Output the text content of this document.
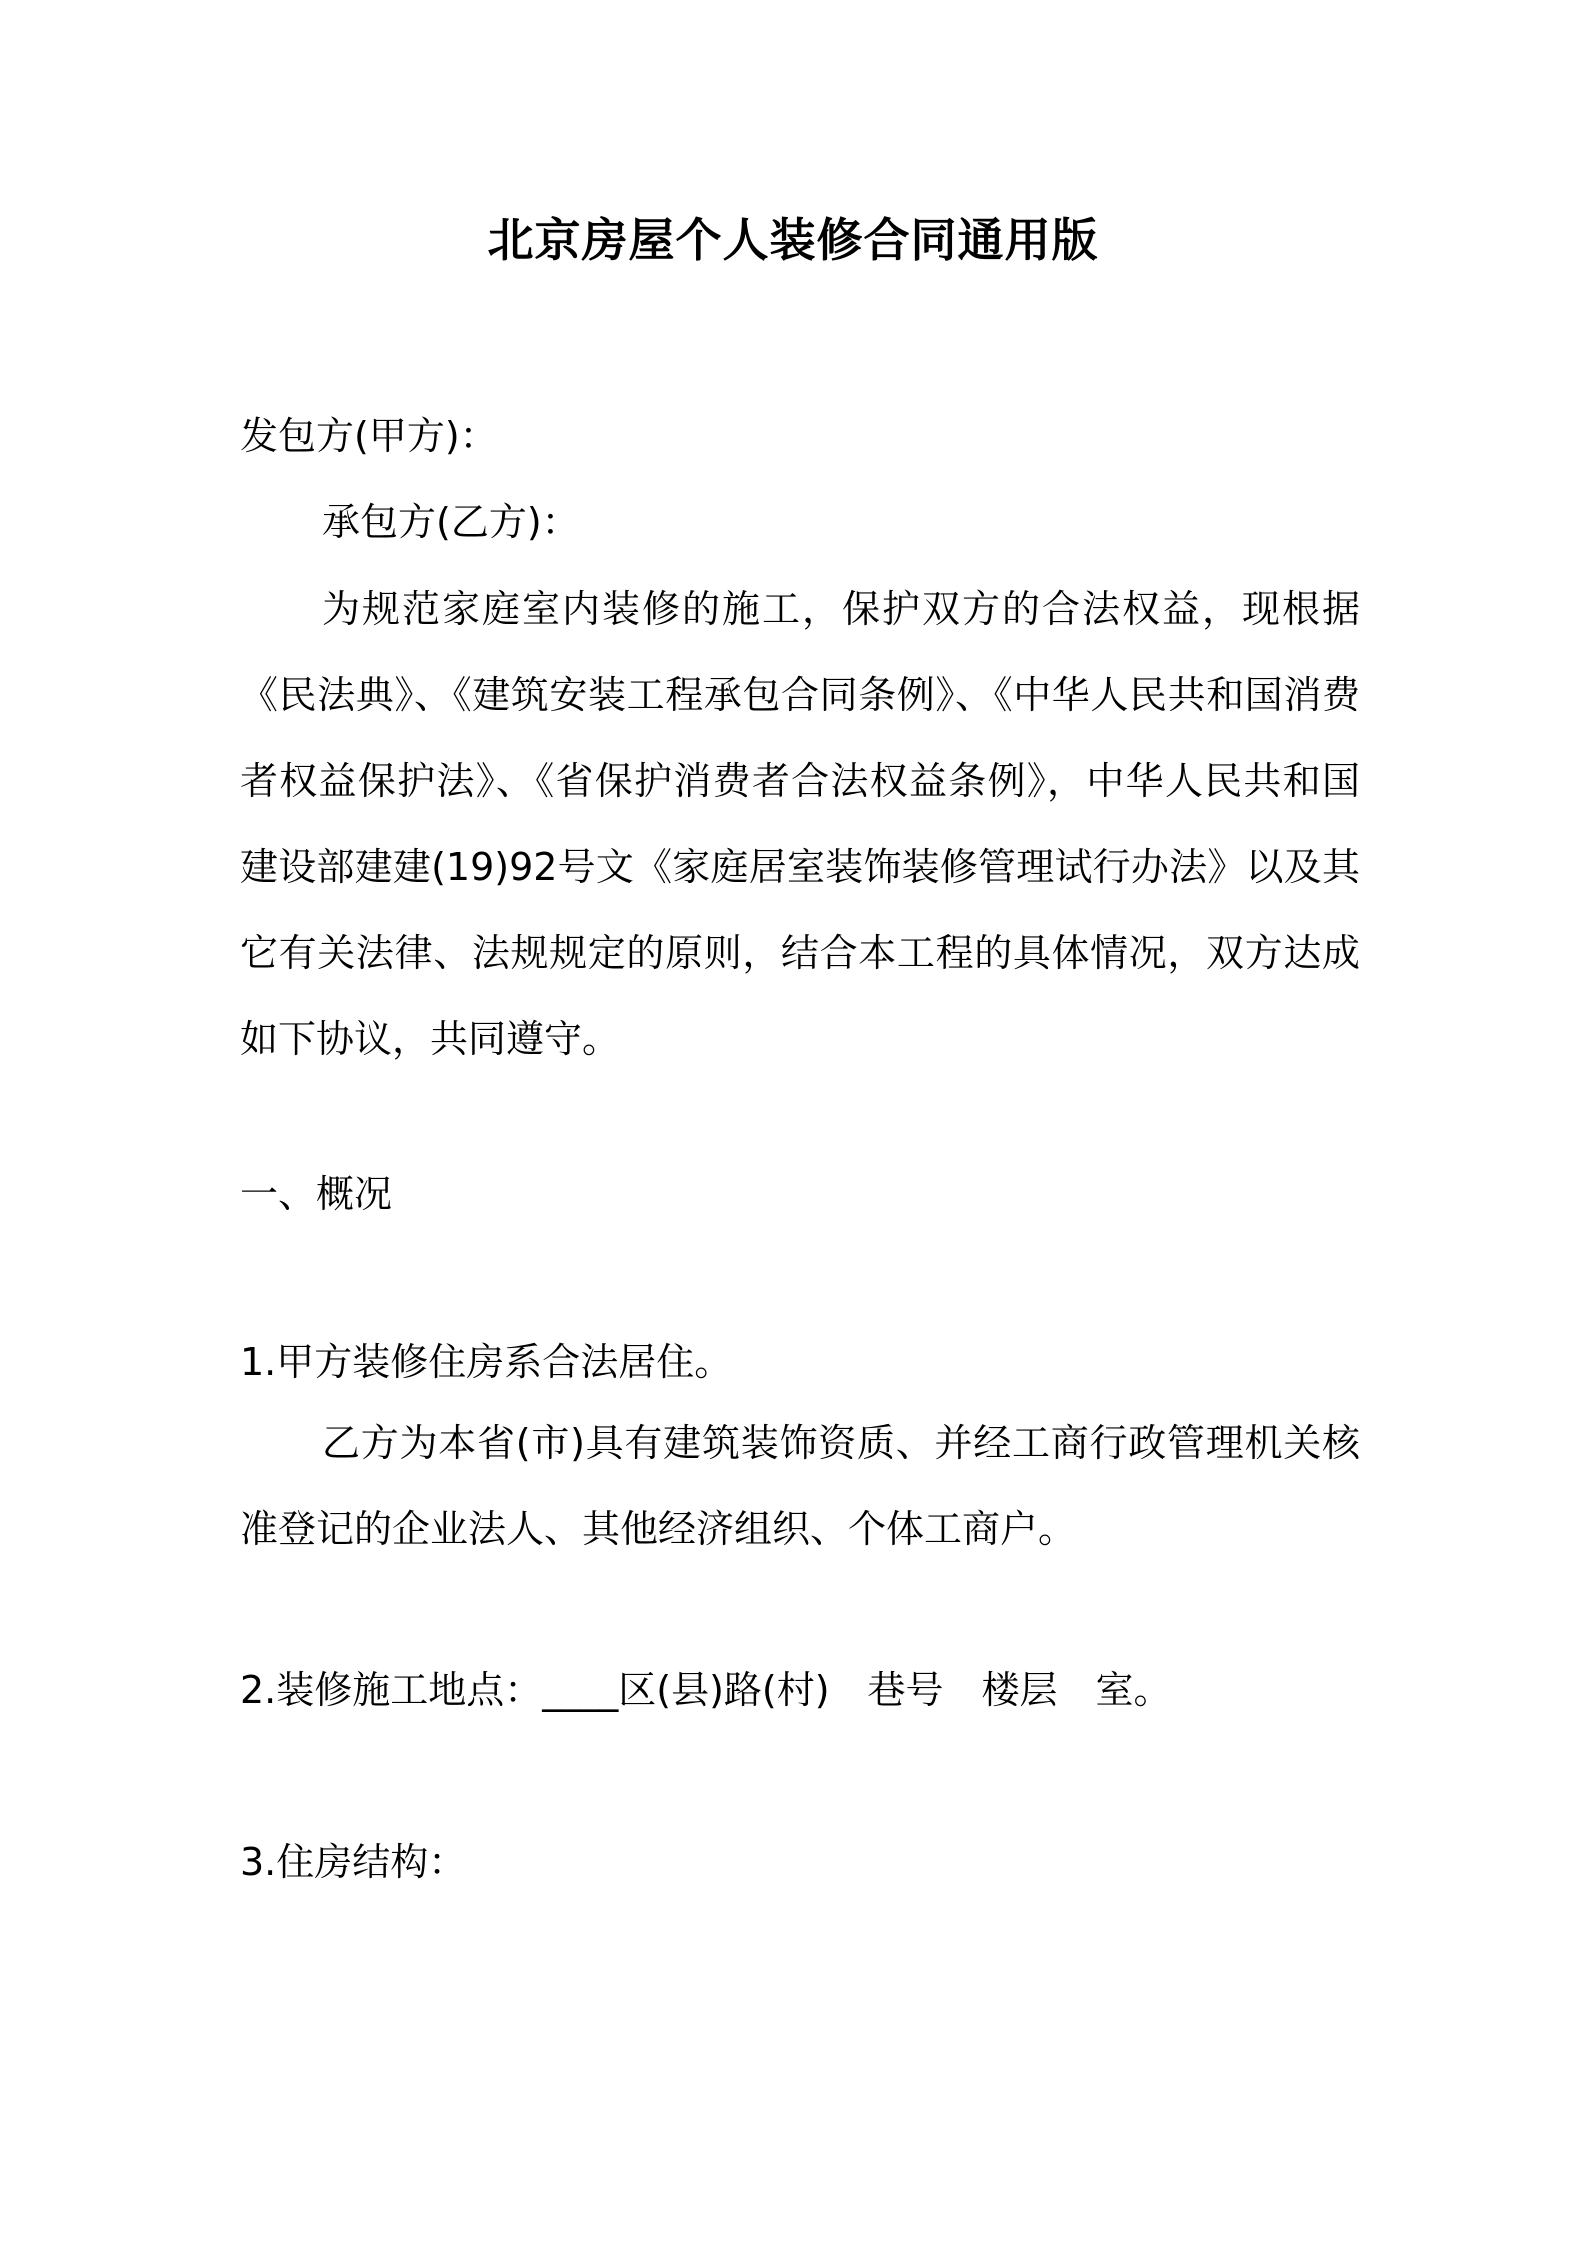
北京房屋个人装修合同通用版
发包方(甲方)：
承包方(乙方)：
为规范家庭室内装修的施工，保护双方的合法权益，现根据《民法典》、《建筑安装工程承包合同条例》、《中华人民共和国消费者权益保护法》、《省保护消费者合法权益条例》，中华人民共和国建设部建建(19)92号文《家庭居室装饰装修管理试行办法》以及其它有关法律、法规规定的原则，结合本工程的具体情况，双方达成如下协议，共同遵守。
一、概况
1.甲方装修住房系合法居住。
乙方为本省(市)具有建筑装饰资质、并经工商行政管理机关核准登记的企业法人、其他经济组织、个体工商户。
2.装修施工地点：____区(县)路(村)　巷号　楼层　室。
3.住房结构：
